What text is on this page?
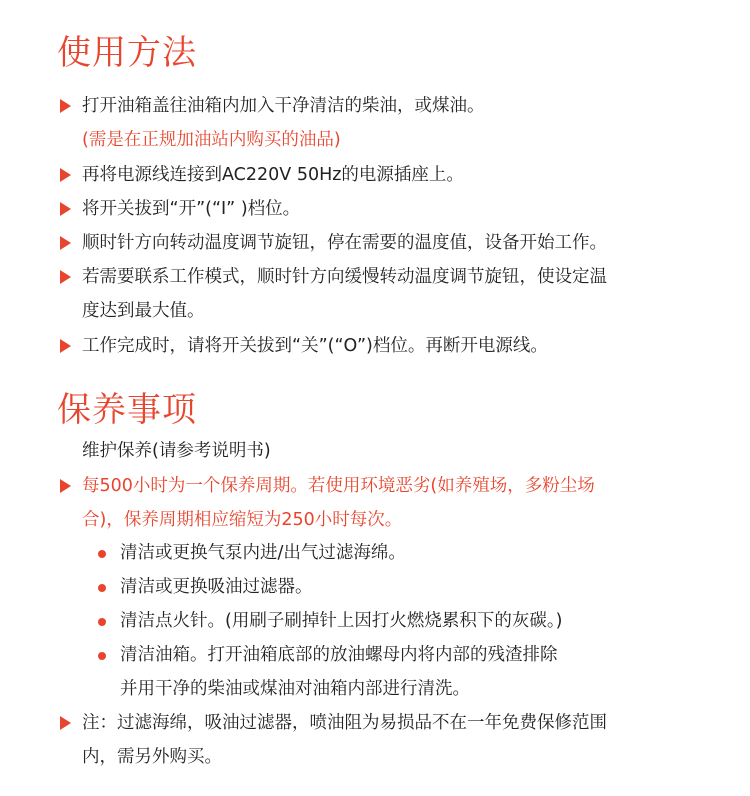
使用方法
打开油箱盖往油箱内加入干净清洁的柴油，或煤油。
(需是在正规加油站内购买的油品)
再将电源线连接到AC220V 50Hz的电源插座上。
将开关拔到“开”(“I” )档位。
顺时针方向转动温度调节旋钮，停在需要的温度值，设备开始工作。
若需要联系工作模式，顺时针方向缓慢转动温度调节旋钮，使设定温
度达到最大值。
工作完成时，请将开关拔到“关”(“O”)档位。再断开电源线。
保养事项
维护保养(请参考说明书)
每500小时为一个保养周期。若使用环境恶劣(如养殖场，多粉尘场
合)，保养周期相应缩短为250小时每次。
清洁或更换气泵内进/出气过滤海绵。
清洁或更换吸油过滤器。
清洁点火针。(用刷子刷掉针上因打火燃烧累积下的灰碳。)
清洁油箱。打开油箱底部的放油螺母内将内部的残渣排除
并用干净的柴油或煤油对油箱内部进行清洗。
注：过滤海绵，吸油过滤器，喷油阻为易损品不在一年免费保修范围
内，需另外购买。
